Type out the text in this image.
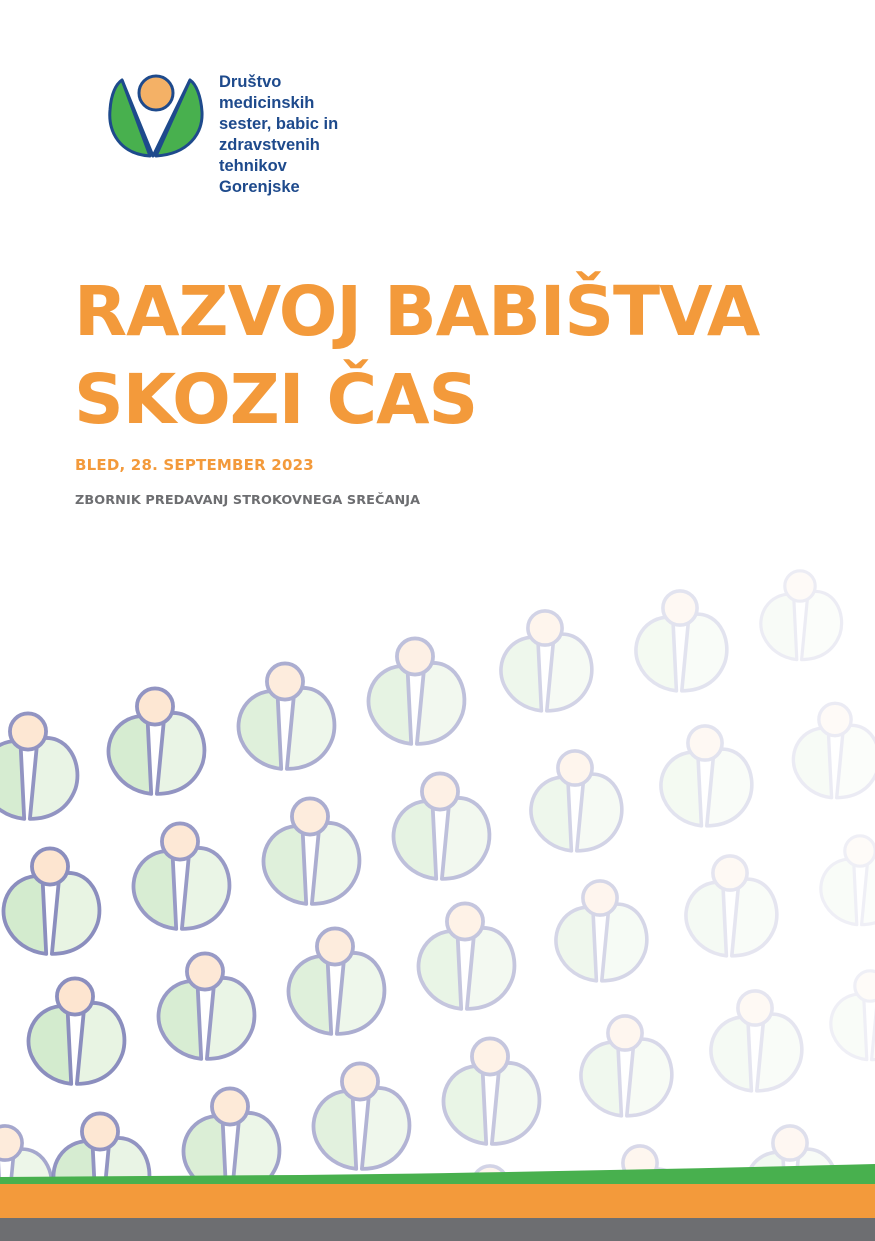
Društvo
medicinskih
sester, babic in
zdravstvenih
tehnikov
Gorenjske
RAZVOJ BABIŠTVA
SKOZI ČAS
BLED, 28. SEPTEMBER 2023
ZBORNIK PREDAVANJ STROKOVNEGA SREČANJA
